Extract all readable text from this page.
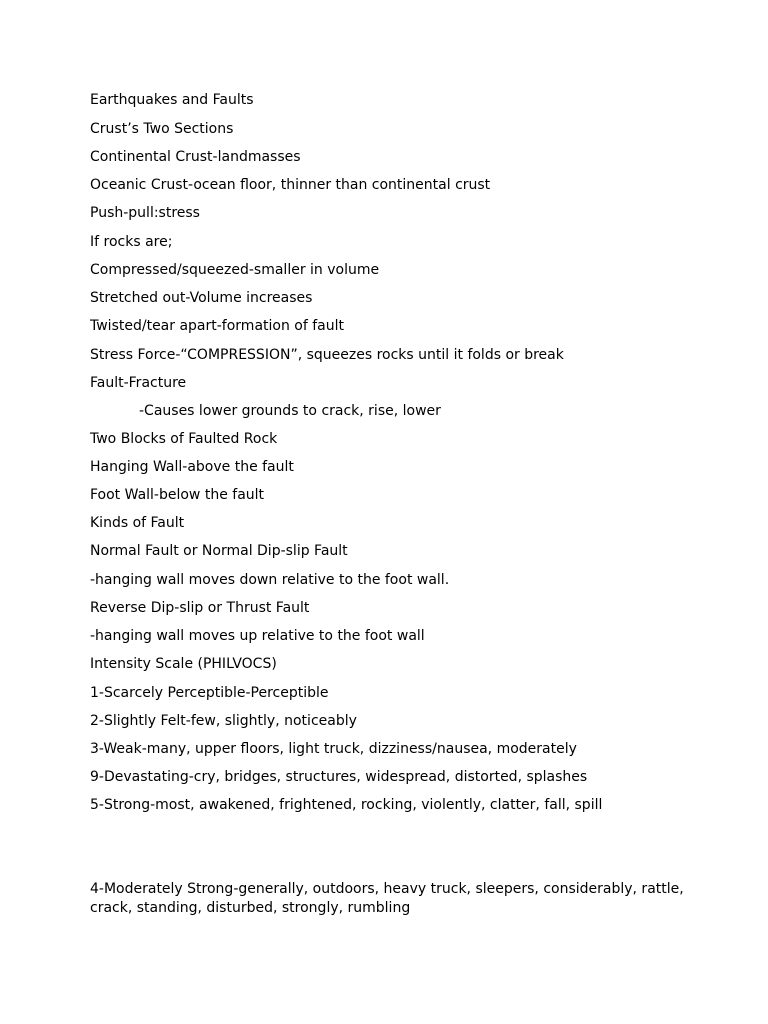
Earthquakes and Faults
Crust’s Two Sections
Continental Crust-landmasses
Oceanic Crust-ocean floor, thinner than continental crust
Push-pull:stress
If rocks are;
Compressed/squeezed-smaller in volume
Stretched out-Volume increases
Twisted/tear apart-formation of fault
Stress Force-“COMPRESSION”, squeezes rocks until it folds or break
Fault-Fracture
-Causes lower grounds to crack, rise, lower
Two Blocks of Faulted Rock
Hanging Wall-above the fault
Foot Wall-below the fault
Kinds of Fault
Normal Fault or Normal Dip-slip Fault
-hanging wall moves down relative to the foot wall.
Reverse Dip-slip or Thrust Fault
-hanging wall moves up relative to the foot wall
Intensity Scale (PHILVOCS)
1-Scarcely Perceptible-Perceptible
2-Slightly Felt-few, slightly, noticeably
3-Weak-many, upper floors, light truck, dizziness/nausea, moderately
9-Devastating-cry, bridges, structures, widespread, distorted, splashes
5-Strong-most, awakened, frightened, rocking, violently, clatter, fall, spill
4-Moderately Strong-generally, outdoors, heavy truck, sleepers, considerably, rattle, crack, standing, disturbed, strongly, rumbling
